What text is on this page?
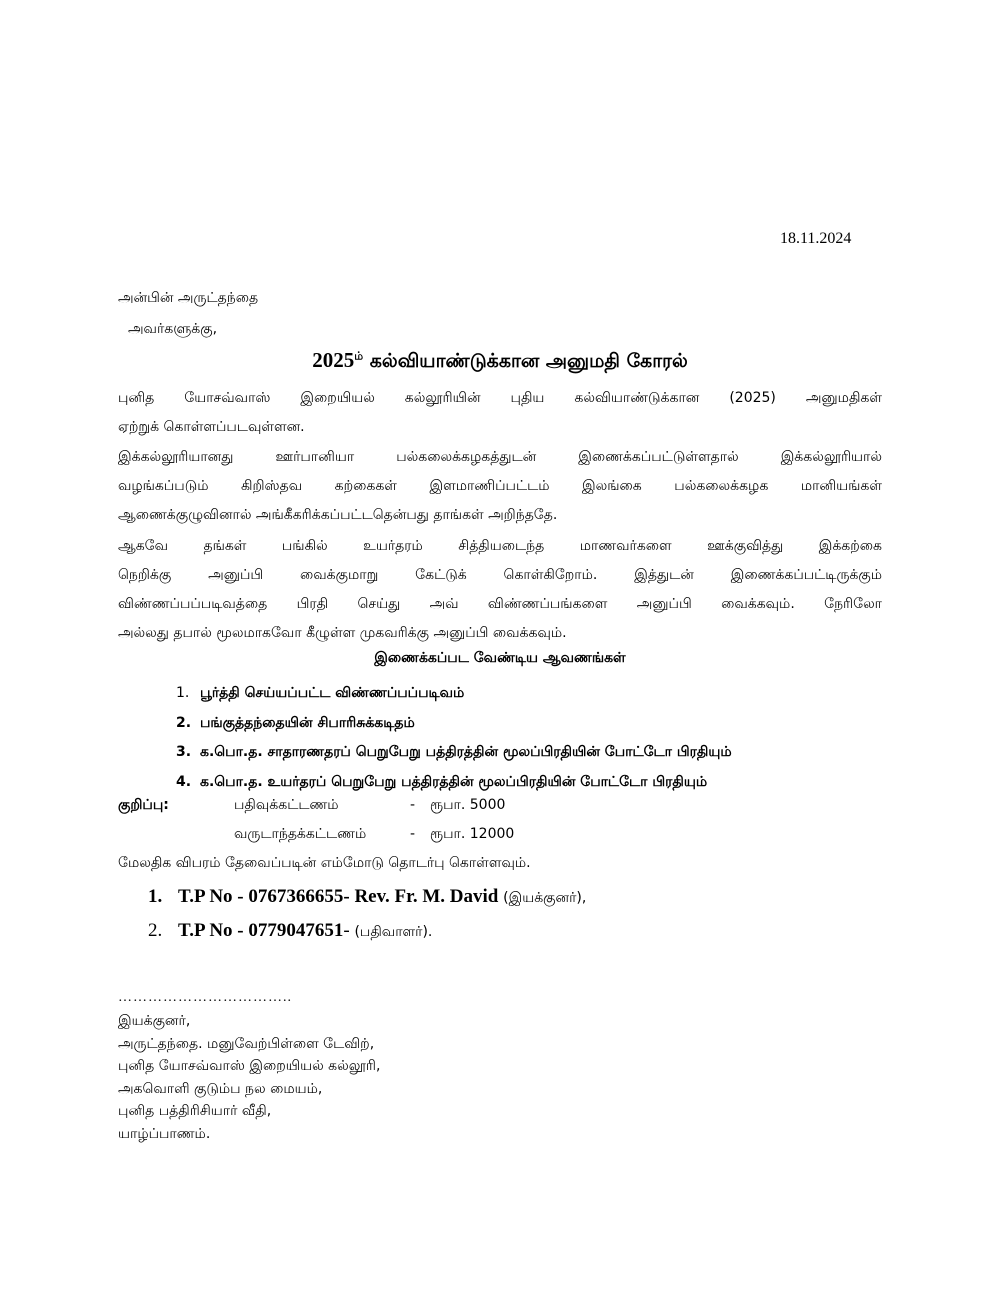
18.11.2024
அன்பின் அருட்தந்தை
அவர்களுக்கு,
$2025^{ம்}$ கல்வியாண்டுக்கான அனுமதி கோரல்
புனித யோசவ்வாஸ் இறையியல் கல்லூரியின் புதிய கல்வியாண்டுக்கான (2025) அனுமதிகள்
ஏற்றுக் கொள்ளப்படவுள்ளன.
இக்கல்லூரியானது ஊர்பானியா பல்கலைக்கழகத்துடன் இணைக்கப்பட்டுள்ளதால் இக்கல்லூரியால்
வழங்கப்படும் கிறிஸ்தவ கற்கைகள் இளமாணிப்பட்டம் இலங்கை பல்கலைக்கழக மானியங்கள்
ஆணைக்குழுவினால் அங்கீகரிக்கப்பட்டதென்பது தாங்கள் அறிந்ததே.
ஆகவே தங்கள் பங்கில் உயர்தரம் சித்தியடைந்த மாணவர்களை ஊக்குவித்து இக்கற்கை
நெறிக்கு அனுப்பி வைக்குமாறு கேட்டுக் கொள்கிறோம். இத்துடன் இணைக்கப்பட்டிருக்கும்
விண்ணப்பப்படிவத்தை பிரதி செய்து அவ் விண்ணப்பங்களை அனுப்பி வைக்கவும். நேரிலோ
அல்லது தபால் மூலமாகவோ கீழுள்ள முகவரிக்கு அனுப்பி வைக்கவும்.
இணைக்கப்பட வேண்டிய ஆவணங்கள்
1. பூர்த்தி செய்யப்பட்ட விண்ணப்பப்படிவம்
2. பங்குத்தந்தையின் சிபாரிசுக்கடிதம்
3. க.பொ.த. சாதாரணதரப் பெறுபேறு பத்திரத்தின் மூலப்பிரதியின் போட்டோ பிரதியும்
4. க.பொ.த. உயர்தரப் பெறுபேறு பத்திரத்தின் மூலப்பிரதியின் போட்டோ பிரதியும்
குறிப்பு:	பதிவுக்கட்டணம்	- ரூபா. 5000
வருடாந்தக்கட்டணம்	- ரூபா. 12000
மேலதிக விபரம் தேவைப்படின் எம்மோடு தொடர்பு கொள்ளவும்.
1. T.P No - 0767366655- Rev. Fr. M. David (இயக்குனர்),
2. T.P No - 0779047651- (பதிவாளர்).
……………………………..
இயக்குனர்,
அருட்தந்தை. மனுவேற்பிள்ளை டேவிற்,
புனித யோசவ்வாஸ் இறையியல் கல்லூரி,
அகவொளி குடும்ப நல மையம்,
புனித பத்திரிசியார் வீதி,
யாழ்ப்பாணம்.
